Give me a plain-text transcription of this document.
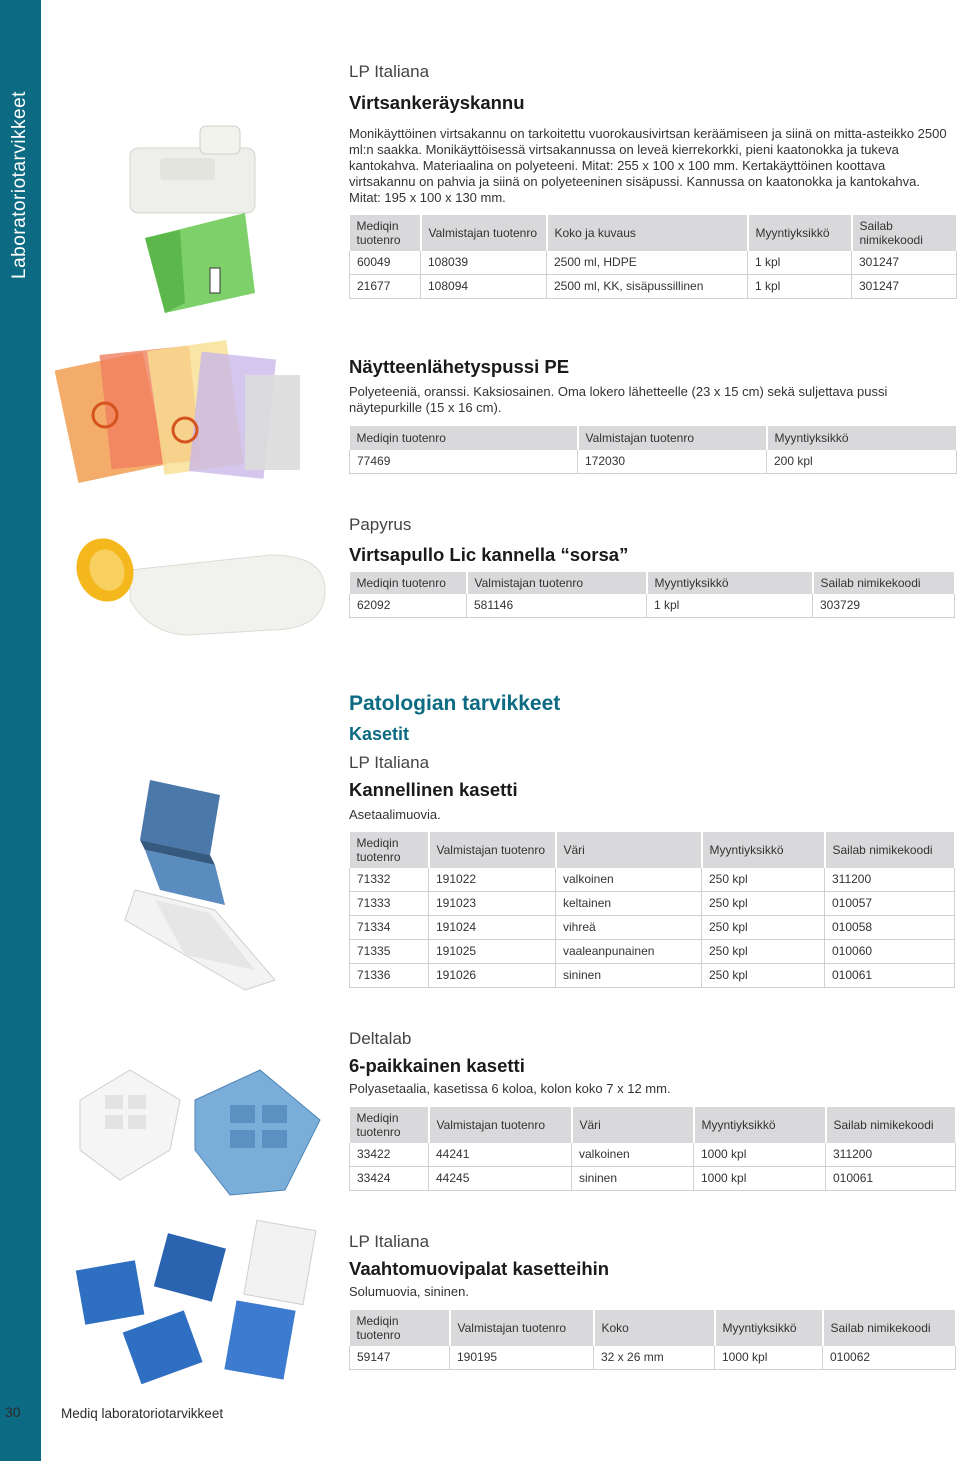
Laboratoriotarvikkeet
30	Mediq laboratoriotarvikkeet
LP Italiana
Virtsankeräyskannu
Monikäyttöinen virtsakannu on tarkoitettu vuorokausivirtsan keräämiseen ja siinä on mitta-asteikko 2500 ml:n saakka. Monikäyttöisessä virtsakannussa on leveä kierrekorkki, pieni kaatonokka ja tukeva kantokahva. Materiaalina on polyeteeni. Mitat: 255 x 100 x 100 mm. Kertakäyttöinen koottava virtsakannu on pahvia ja siinä on polyeteeninen sisäpussi. Kannussa on kaatonokka ja kantokahva. Mitat: 195 x 100 x 130 mm.
Mediqin tuotenro	Valmistajan tuotenro	Koko ja kuvaus	Myyntiyksikkö	Sailab nimikekoodi
60049	108039	2500 ml, HDPE	1 kpl	301247
21677	108094	2500 ml, KK, sisäpussillinen	1 kpl	301247
Näytteenlähetyspussi PE
Polyeteeniä, oranssi. Kaksiosainen. Oma lokero lähetteelle (23 x 15 cm) sekä suljettava pussi näytepurkille (15 x 16 cm).
Mediqin tuotenro	Valmistajan tuotenro	Myyntiyksikkö
77469	172030	200 kpl
Papyrus
Virtsapullo Lic kannella “sorsa”
Mediqin tuotenro	Valmistajan tuotenro	Myyntiyksikkö	Sailab nimikekoodi
62092	581146	1 kpl	303729
Patologian tarvikkeet
Kasetit
LP Italiana
Kannellinen kasetti
Asetaalimuovia.
Mediqin tuotenro	Valmistajan tuotenro	Väri	Myyntiyksikkö	Sailab nimikekoodi
71332	191022	valkoinen	250 kpl	311200
71333	191023	keltainen	250 kpl	010057
71334	191024	vihreä	250 kpl	010058
71335	191025	vaaleanpunainen	250 kpl	010060
71336	191026	sininen	250 kpl	010061
Deltalab
6-paikkainen kasetti
Polyasetaalia, kasetissa 6 koloa, kolon koko 7 x 12 mm.
Mediqin tuotenro	Valmistajan tuotenro	Väri	Myyntiyksikkö	Sailab nimikekoodi
33422	44241	valkoinen	1000 kpl	311200
33424	44245	sininen	1000 kpl	010061
LP Italiana
Vaahtomuovipalat kasetteihin
Solumuovia, sininen.
Mediqin tuotenro	Valmistajan tuotenro	Koko	Myyntiyksikkö	Sailab nimikekoodi
59147	190195	32 x 26 mm	1000 kpl	010062
